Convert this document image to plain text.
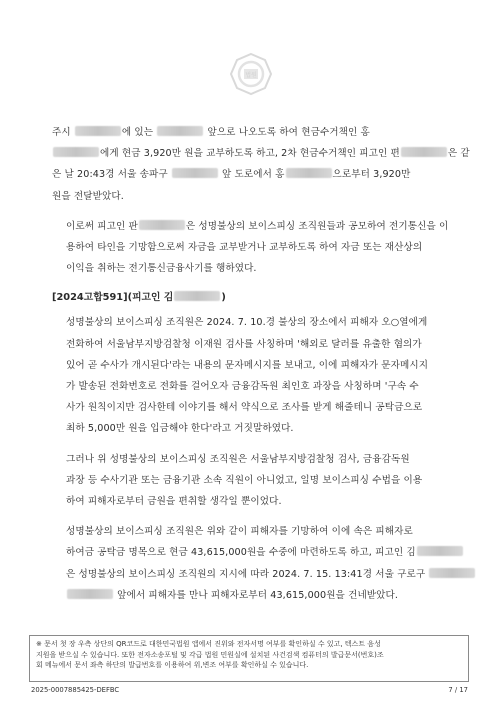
법원
주시	에 있는	앞으로 나오도록 하여 현금수거책인 홍
에게 현금 3,920만 원을 교부하도록 하고, 2차 현금수거책인 피고인 편	은 같
은 날 20:43경 서울 송파구	앞 도로에서 홍	으로부터 3,920만
원을 전달받았다.
이로써 피고인 판	은 성명불상의 보이스피싱 조직원들과 공모하여 전기통신을 이
용하여 타인을 기망함으로써 자금을 교부받거나 교부하도록 하여 자금 또는 재산상의
이익을 취하는 전기통신금융사기를 행하였다.
[2024고합591](피고인 김	)
성명불상의 보이스피싱 조직원은 2024. 7. 10.경 불상의 장소에서 피해자 오○열에게
전화하여 서울남부지방검찰청 이재원 검사를 사칭하며 '해외로 달러를 유출한 혐의가
있어 곧 수사가 개시된다'라는 내용의 문자메시지를 보내고, 이에 피해자가 문자메시지
가 발송된 전화번호로 전화를 걸어오자 금융감독원 최인호 과장을 사칭하며 '구속 수
사가 원칙이지만 검사한테 이야기를 해서 약식으로 조사를 받게 해줄테니 공탁금으로
최하 5,000만 원을 입금해야 한다'라고 거짓말하였다.
그러나 위 성명불상의 보이스피싱 조직원은 서울남부지방검찰청 검사, 금융감독원
과장 등 수사기관 또는 금융기관 소속 직원이 아니었고, 일명 보이스피싱 수법을 이용
하여 피해자로부터 금원을 편취할 생각일 뿐이었다.
성명불상의 보이스피싱 조직원은 위와 같이 피해자를 기망하여 이에 속은 피해자로
하여금 공탁금 명목으로 현금 43,615,000원을 수중에 마련하도록 하고, 피고인 김
은 성명불상의 보이스피싱 조직원의 지시에 따라 2024. 7. 15. 13:41경 서울 구로구
앞에서 피해자를 만나 피해자로부터 43,615,000원을 건네받았다.
※ 문서 첫 장 우측 상단의 QR코드로 대한민국법원 앱에서 진위와 전자서명 여부를 확인하실 수 있고, 텍스트 음성
지원을 받으실 수 있습니다. 또한 전자소송포털 및 각급 법원 민원실에 설치된 사건검색 컴퓨터의 발급문서(번호)조
회 메뉴에서 문서 좌측 하단의 발급번호를 이용하여 위,변조 여부를 확인하실 수 있습니다.
2025-0007885425-DEFBC	7 / 17
